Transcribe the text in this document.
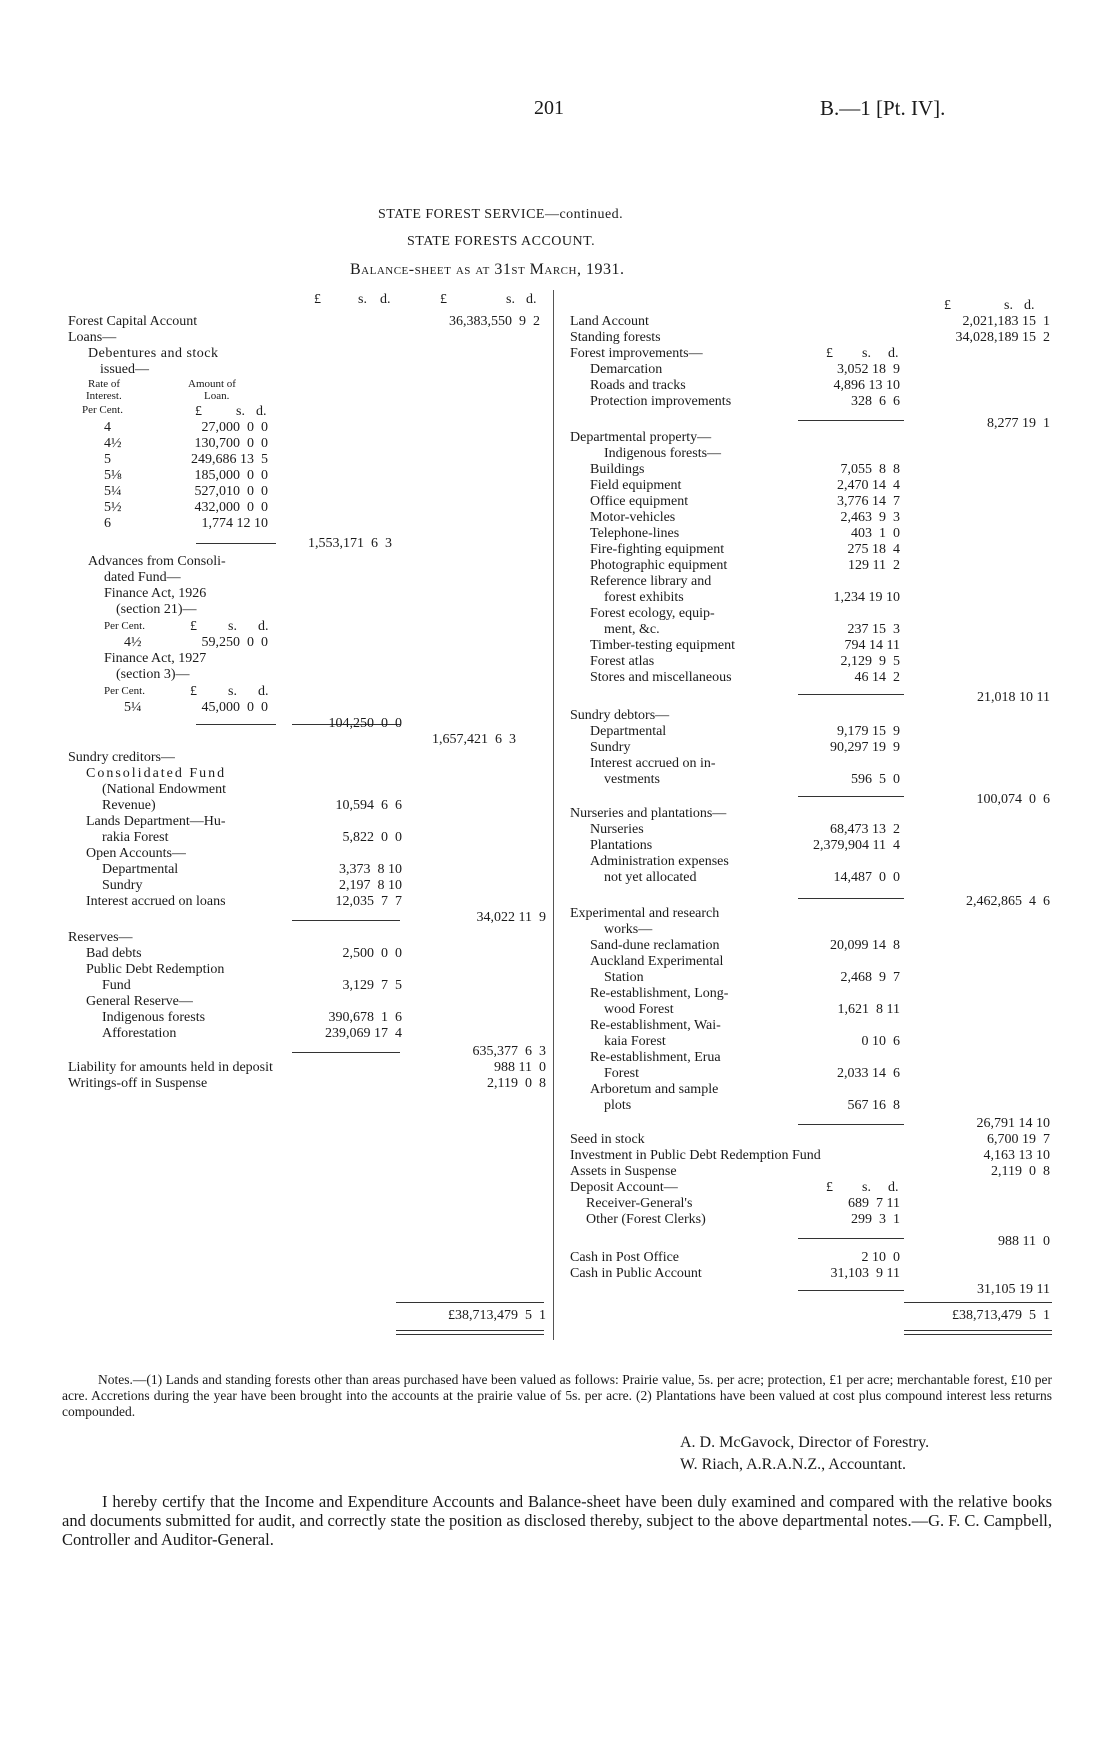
201	B.—1 [Pt. IV].
STATE FOREST SERVICE—continued.
STATE FORESTS ACCOUNT.
Balance-sheet as at 31st March, 1931.
£	s. d.	£	s. d.
Forest Capital Account	36,383,550  9  2
Loans—
Debentures and stock
issued—
Rate of	Amount of
Interest.	Loan.
Per Cent.	£ s. d.
4	27,000  0  0
4½	130,700  0  0
5	249,686 13  5
5⅛	185,000  0  0
5¼	527,010  0  0
5½	432,000  0  0
6	1,774 12 10
1,553,171  6  3
Advances from Consoli-
dated Fund—
Finance Act, 1926
(section 21)—
Per Cent.	£ s. d.
4½	59,250  0  0
Finance Act, 1927
(section 3)—
Per Cent.	£ s. d.
5¼	45,000  0  0
104,250  0  0
1,657,421  6  3
Sundry creditors—
Consolidated Fund
(National Endowment
Revenue)	10,594  6  6
Lands Department—Hu-
rakia Forest	5,822  0  0
Open Accounts—
Departmental	3,373  8 10
Sundry	2,197  8 10
Interest accrued on loans	12,035  7  7
34,022 11  9
Reserves—
Bad debts	2,500  0  0
Public Debt Redemption
Fund	3,129  7  5
General Reserve—
Indigenous forests	390,678  1  6
Afforestation	239,069 17  4
635,377  6  3
Liability for amounts held in deposit	988 11  0
Writings-off in Suspense	2,119  0  8
£38,713,479  5  1
£	s. d.
Land Account	2,021,183 15  1
Standing forests	34,028,189 15  2
Forest improvements—	£ s. d.
Demarcation	3,052 18  9
Roads and tracks	4,896 13 10
Protection improvements	328  6  6
8,277 19  1
Departmental property—
Indigenous forests—
Buildings	7,055  8  8
Field equipment	2,470 14  4
Office equipment	3,776 14  7
Motor-vehicles	2,463  9  3
Telephone-lines	403  1  0
Fire-fighting equipment	275 18  4
Photographic equipment	129 11  2
Reference library and
forest exhibits	1,234 19 10
Forest ecology, equip-
ment, &c.	237 15  3
Timber-testing equipment	794 14 11
Forest atlas	2,129  9  5
Stores and miscellaneous	46 14  2
21,018 10 11
Sundry debtors—
Departmental	9,179 15  9
Sundry	90,297 19  9
Interest accrued on in-
vestments	596  5  0
100,074  0  6
Nurseries and plantations—
Nurseries	68,473 13  2
Plantations	2,379,904 11  4
Administration expenses
not yet allocated	14,487  0  0
2,462,865  4  6
Experimental and research
works—
Sand-dune reclamation	20,099 14  8
Auckland Experimental
Station	2,468  9  7
Re-establishment, Long-
wood Forest	1,621  8 11
Re-establishment, Wai-
kaia Forest	0 10  6
Re-establishment, Erua
Forest	2,033 14  6
Arboretum and sample
plots	567 16  8
26,791 14 10
Seed in stock	6,700 19  7
Investment in Public Debt Redemption Fund	4,163 13 10
Assets in Suspense	2,119  0  8
Deposit Account—	£ s. d.
Receiver-General's	689  7 11
Other (Forest Clerks)	299  3  1
988 11  0
Cash in Post Office	2 10  0
Cash in Public Account	31,103  9 11
31,105 19 11
£38,713,479  5  1
Notes.—(1) Lands and standing forests other than areas purchased have been valued as follows: Prairie value, 5s. per acre; protection, £1 per acre; merchantable forest, £10 per acre. Accretions during the year have been brought into the accounts at the prairie value of 5s. per acre. (2) Plantations have been valued at cost plus compound interest less returns compounded.
A. D. McGavock, Director of Forestry.
W. Riach, A.R.A.N.Z., Accountant.
I hereby certify that the Income and Expenditure Accounts and Balance-sheet have been duly examined and compared with the relative books and documents submitted for audit, and correctly state the position as disclosed thereby, subject to the above departmental notes.—G. F. C. Campbell, Controller and Auditor-General.
